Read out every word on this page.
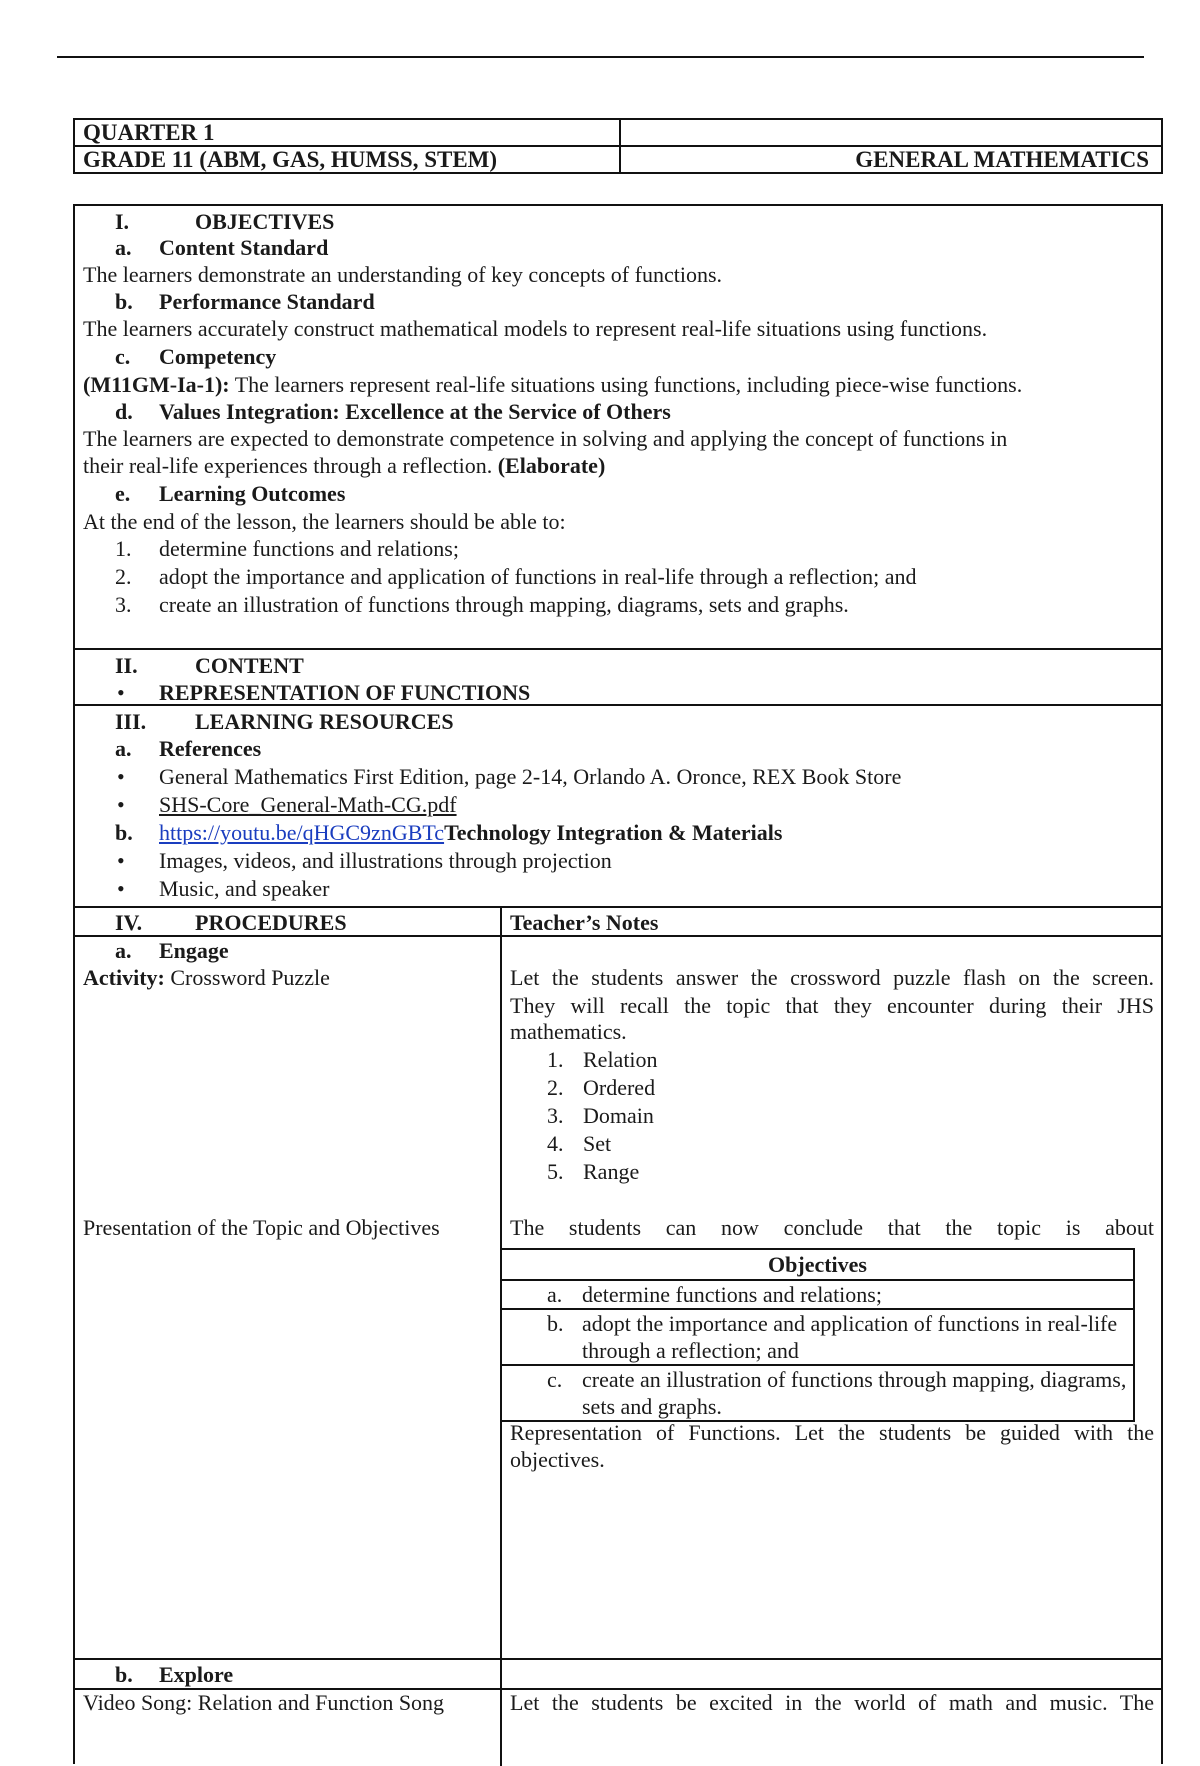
QUARTER 1	
GRADE 11 (ABM, GAS, HUMSS, STEM)	GENERAL MATHEMATICS
I.	OBJECTIVES
a. Content Standard
The learners demonstrate an understanding of key concepts of functions.
b. Performance Standard
The learners accurately construct mathematical models to represent real-life situations using functions.
c. Competency
(M11GM-Ia-1): The learners represent real-life situations using functions, including piece-wise functions.
d. Values Integration: Excellence at the Service of Others
The learners are expected to demonstrate competence in solving and applying the concept of functions in
their real-life experiences through a reflection. (Elaborate)
e. Learning Outcomes
At the end of the lesson, the learners should be able to:
1. determine functions and relations;
2. adopt the importance and application of functions in real-life through a reflection; and
3. create an illustration of functions through mapping, diagrams, sets and graphs.
II.	CONTENT
• REPRESENTATION OF FUNCTIONS
III. LEARNING RESOURCES
a. References
• General Mathematics First Edition, page 2-14, Orlando A. Oronce, REX Book Store
• SHS-Core_General-Math-CG.pdf
b. https://youtu.be/qHGC9znGBTcTechnology Integration & Materials
• Images, videos, and illustrations through projection
• Music, and speaker
IV. PROCEDURES	Teacher’s Notes
a. Engage
Activity: Crossword Puzzle	Let the students answer the crossword puzzle flash on the screen.
They will recall the topic that they encounter during their JHS
mathematics.
1. Relation
2. Ordered
3. Domain
4. Set
5. Range
Presentation of the Topic and Objectives	The students can now conclude that the topic is about
Objectives
a. determine functions and relations;
b. adopt the importance and application of functions in real-life through a reflection; and
c. create an illustration of functions through mapping, diagrams, sets and graphs.
Representation of Functions. Let the students be guided with the
objectives.
b. Explore
Video Song: Relation and Function Song	Let the students be excited in the world of math and music. The
